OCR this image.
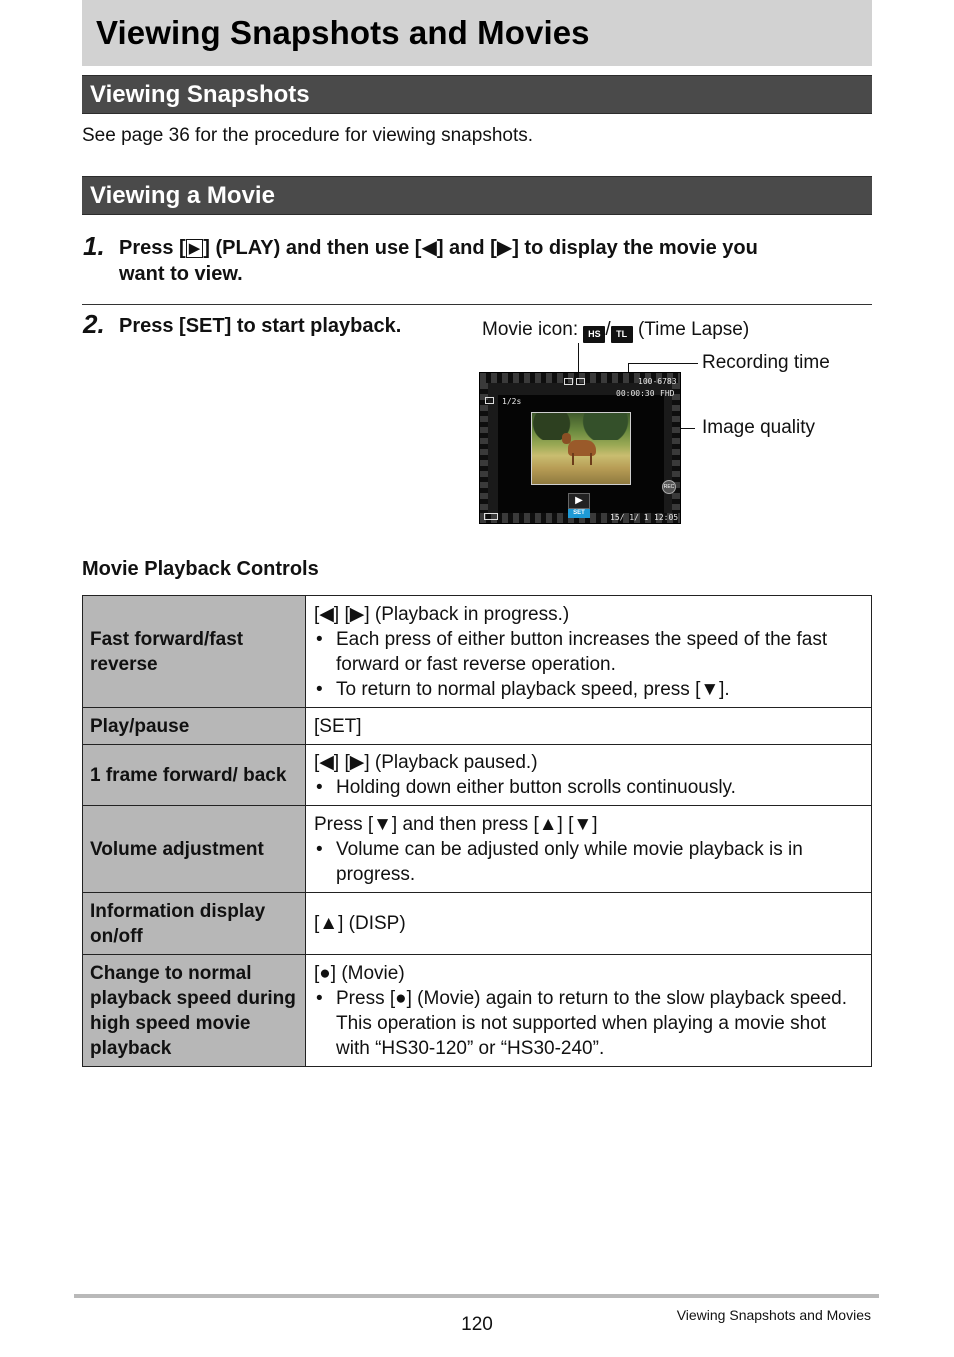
Viewing Snapshots and Movies
Viewing Snapshots

See page 36 for the procedure for viewing snapshots.

Viewing a Movie
1. Press [ ▶ ] (PLAY) and then use [◀] and [▶] to display the movie you
want to view.
2. Press [SET] to start playback.	Movie icon: HS / TL (Time Lapse)
Recording time
Image quality
100-6783
00:00:30 FHD
1/2s
▶
SET
REC
15/ 1/ 1 12:05
Movie Playback Controls
Fast forward/fast reverse	[◀] [▶] (Playback in progress.)
• Each press of either button increases the speed of the fast forward or fast reverse operation.
• To return to normal playback speed, press [▼].

Play/pause	[SET]

1 frame forward/ back	[◀] [▶] (Playback paused.)
• Holding down either button scrolls continuously.

Volume adjustment	Press [▼] and then press [▲] [▼]
• Volume can be adjusted only while movie playback is in progress.

Information display on/off	[▲] (DISP)

Change to normal playback speed during high speed movie playback	[●] (Movie)
• Press [●] (Movie) again to return to the slow playback speed. This operation is not supported when playing a movie shot with “HS30-120” or “HS30-240”.
120	Viewing Snapshots and Movies
